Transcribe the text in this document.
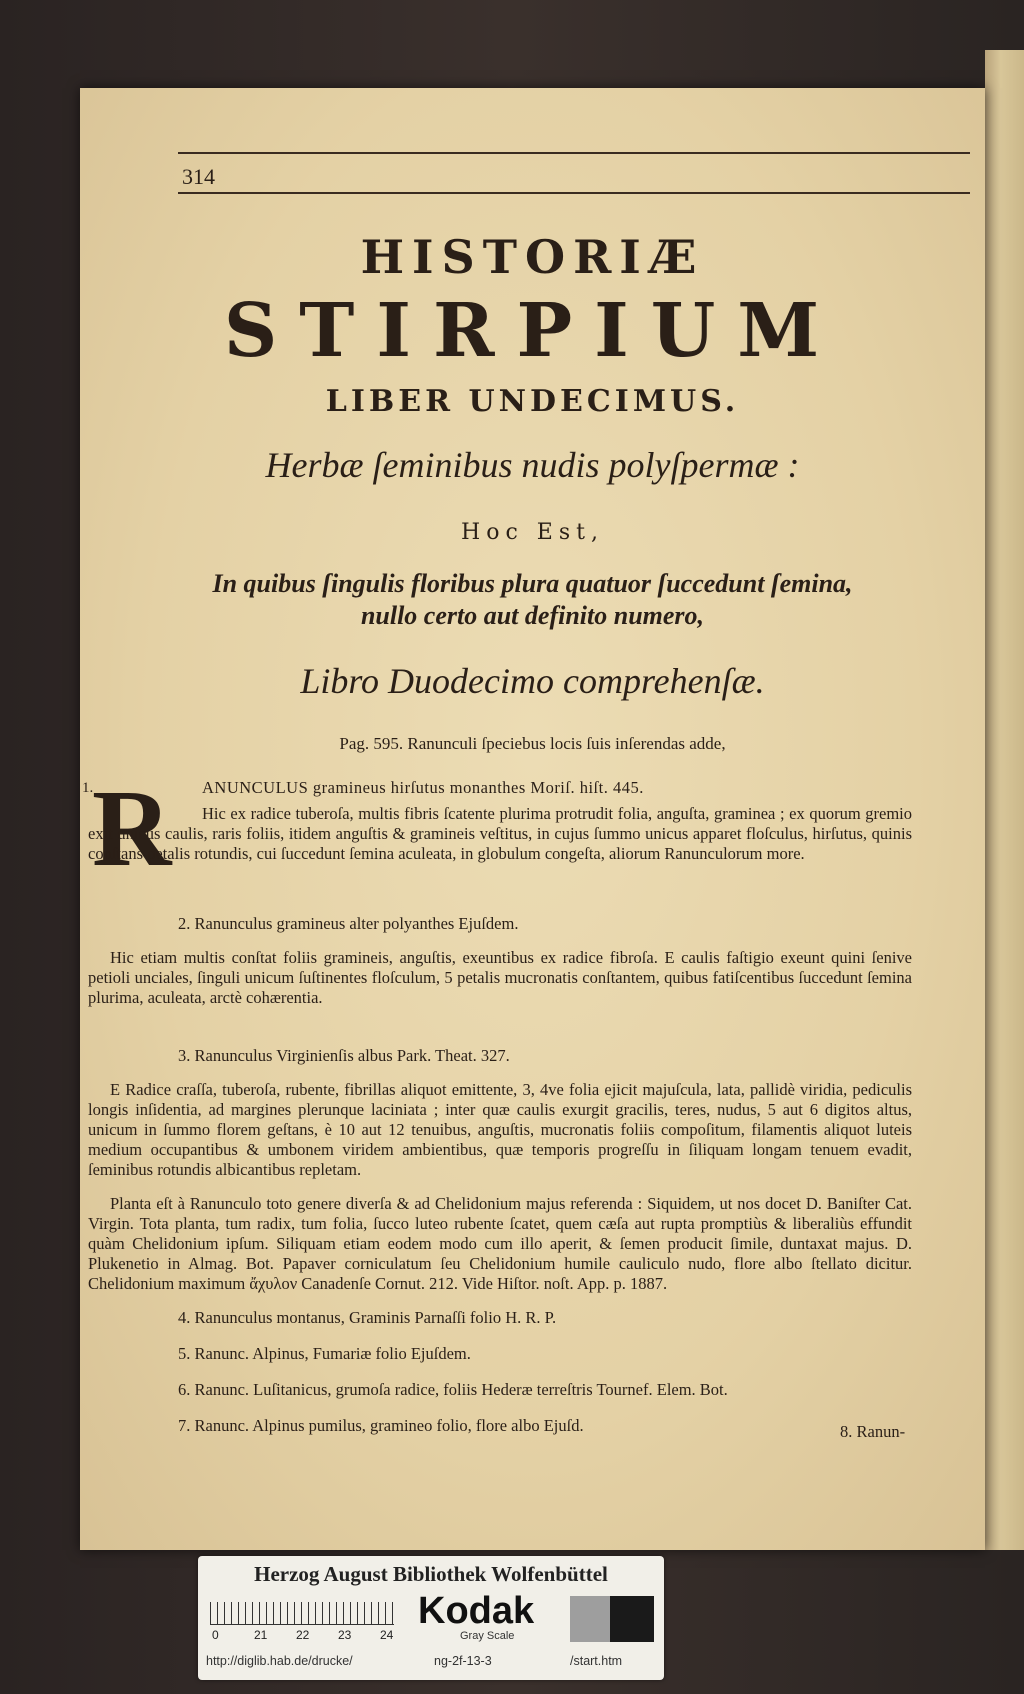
314
HISTORIÆ
STIRPIUM
LIBER UNDECIMUS.
Herbæ ſeminibus nudis polyſpermæ :
Hoc Est,
In quibus ſingulis floribus plura quatuor ſuccedunt ſemina, nullo certo aut definito numero,
Libro Duodecimo comprehenſæ.
Pag. 595. Ranunculi ſpeciebus locis ſuis inſerendas adde,
1.
R ANUNCULUS gramineus hirſutus monanthes Moriſ. hiſt. 445.
Hic ex radice tuberoſa, multis fibris ſcatente plurima protrudit folia, anguſta, graminea ; ex quorum gremio exit unicus caulis, raris foliis, itidem anguſtis & gramineis veſtitus, in cujus ſummo unicus apparet floſculus, hirſutus, quinis conſtans petalis rotundis, cui ſuccedunt ſemina aculeata, in globulum congeſta, aliorum Ranunculorum more.
2. Ranunculus gramineus alter polyanthes Ejuſdem.
Hic etiam multis conſtat foliis gramineis, anguſtis, exeuntibus ex radice fibroſa. E caulis faſtigio exeunt quini ſenive petioli unciales, ſinguli unicum ſuſtinentes floſculum, 5 petalis mucronatis conſtantem, quibus fatiſcentibus ſuccedunt ſemina plurima, aculeata, arctè cohærentia.
3. Ranunculus Virginienſis albus Park. Theat. 327.
E Radice craſſa, tuberoſa, rubente, fibrillas aliquot emittente, 3, 4ve folia ejicit majuſcula, lata, pallidè viridia, pediculis longis inſidentia, ad margines plerunque laciniata ; inter quæ caulis exurgit gracilis, teres, nudus, 5 aut 6 digitos altus, unicum in ſummo florem geſtans, è 10 aut 12 tenuibus, anguſtis, mucronatis foliis compoſitum, filamentis aliquot luteis medium occupantibus & umbonem viridem ambientibus, quæ temporis progreſſu in ſiliquam longam tenuem evadit, ſeminibus rotundis albicantibus repletam.
Planta eſt à Ranunculo toto genere diverſa & ad Chelidonium majus referenda : Siquidem, ut nos docet D. Baniſter Cat. Virgin. Tota planta, tum radix, tum folia, ſucco luteo rubente ſcatet, quem cæſa aut rupta promptiùs & liberaliùs effundit quàm Chelidonium ipſum. Siliquam etiam eodem modo cum illo aperit, & ſemen producit ſimile, duntaxat majus. D. Plukenetio in Almag. Bot. Papaver corniculatum ſeu Chelidonium humile cauliculo nudo, flore albo ſtellato dicitur. Chelidonium maximum ἄχυλον Canadenſe Cornut. 212. Vide Hiſtor. noſt. App. p. 1887.
4. Ranunculus montanus, Graminis Parnaſſi folio H. R. P.
5. Ranunc. Alpinus, Fumariæ folio Ejuſdem.
6. Ranunc. Luſitanicus, grumoſa radice, foliis Hederæ terreſtris Tournef. Elem. Bot.
7. Ranunc. Alpinus pumilus, gramineo folio, flore albo Ejuſd.	8. Ranun-
Herzog August Bibliothek Wolfenbüttel
0	21 22 23 24
Kodak
Gray Scale
http://diglib.hab.de/drucke/	ng-2f-13-3	/start.htm
